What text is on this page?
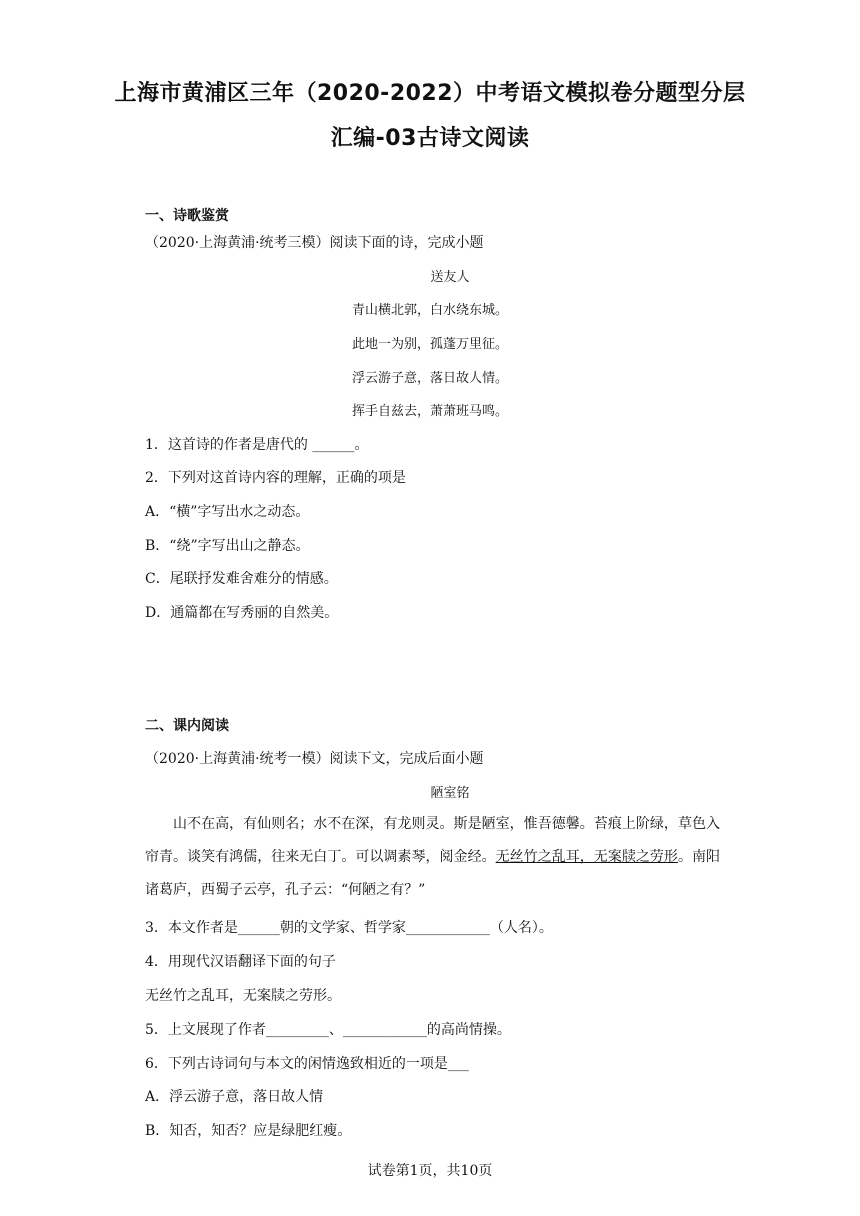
上海市黄浦区三年（2020-2022）中考语文模拟卷分题型分层
汇编-03古诗文阅读
一、诗歌鉴赏
（2020·上海黄浦·统考三模）阅读下面的诗，完成小题
送友人
青山横北郭，白水绕东城。
此地一为别，孤蓬万里征。
浮云游子意，落日故人情。
挥手自兹去，萧萧班马鸣。
1．这首诗的作者是唐代的 ______。
2．下列对这首诗内容的理解，正确的项是
A．“横”字写出水之动态。
B．“绕”字写出山之静态。
C．尾联抒发难舍难分的情感。
D．通篇都在写秀丽的自然美。
二、课内阅读
（2020·上海黄浦·统考一模）阅读下文，完成后面小题
陋室铭
山不在高，有仙则名；水不在深，有龙则灵。斯是陋室，惟吾德馨。苔痕上阶绿，草色入帘青。谈笑有鸿儒，往来无白丁。可以调素琴，阅金经。无丝竹之乱耳，无案牍之劳形。南阳诸葛庐，西蜀子云亭，孔子云：“何陋之有？”
3．本文作者是______朝的文学家、哲学家____________（人名）。
4．用现代汉语翻译下面的句子
无丝竹之乱耳，无案牍之劳形。
5．上文展现了作者_________、____________的高尚情操。
6．下列古诗词句与本文的闲情逸致相近的一项是___
A．浮云游子意，落日故人情
B．知否，知否？应是绿肥红瘦。
试卷第1页，共10页
